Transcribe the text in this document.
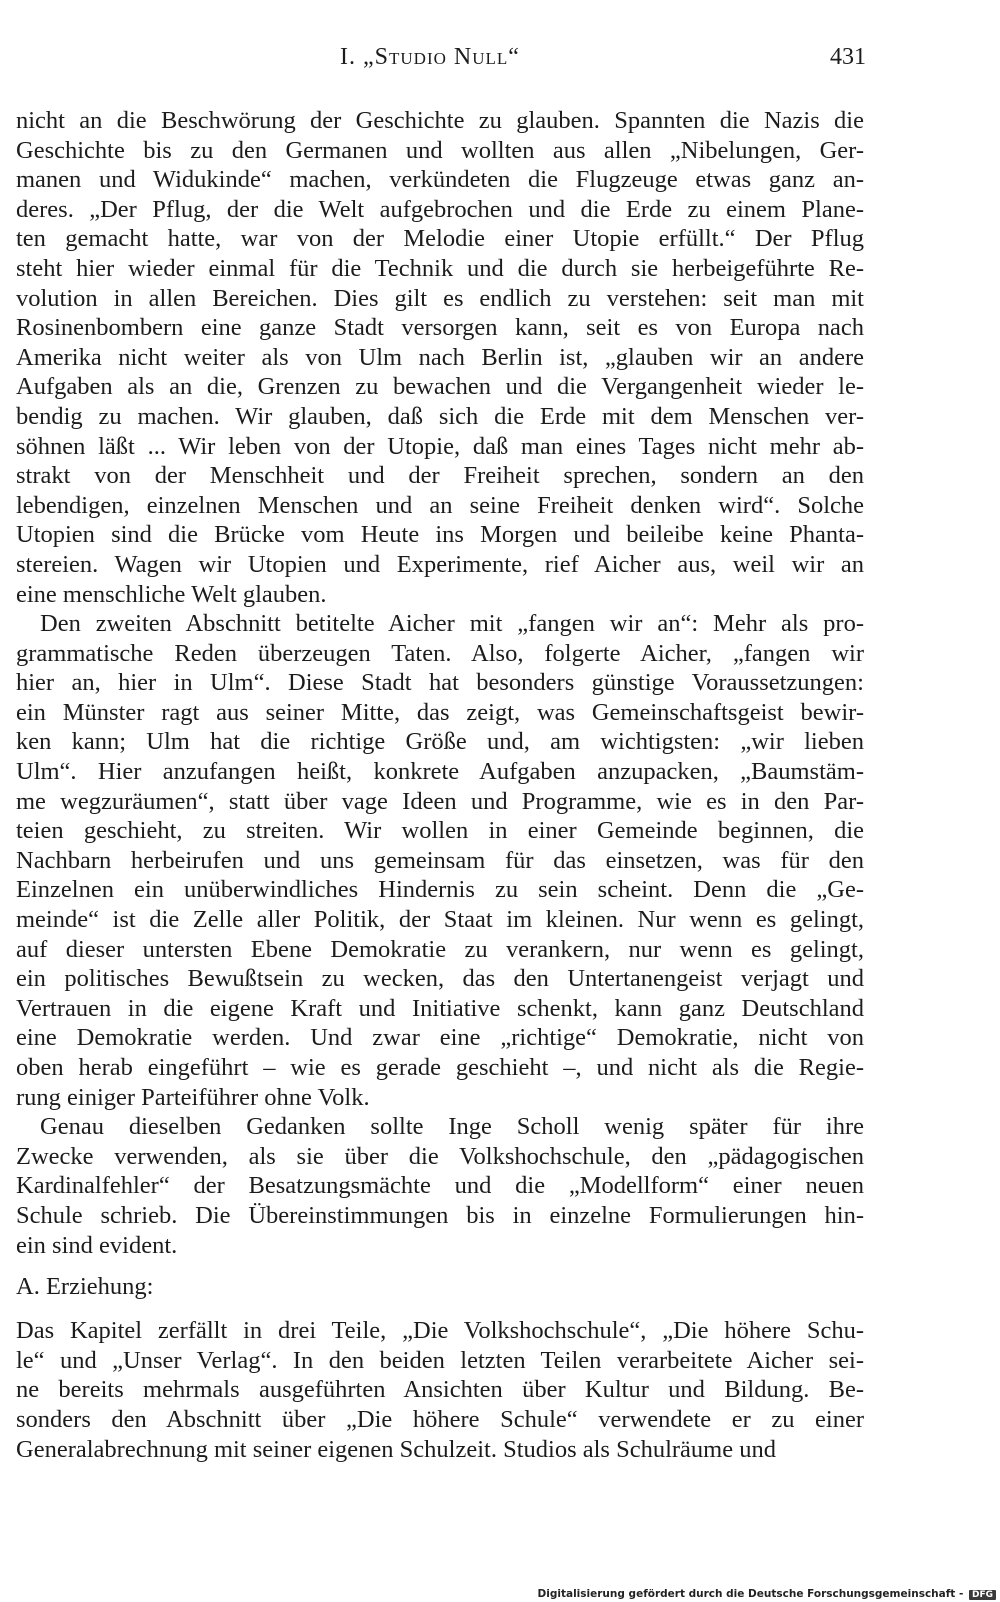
I. „Studio Null“	431
nicht an die Beschwörung der Geschichte zu glauben. Spannten die Nazis die
Geschichte bis zu den Germanen und wollten aus allen „Nibelungen, Ger-
manen und Widukinde“ machen, verkündeten die Flugzeuge etwas ganz an-
deres. „Der Pflug, der die Welt aufgebrochen und die Erde zu einem Plane-
ten gemacht hatte, war von der Melodie einer Utopie erfüllt.“ Der Pflug
steht hier wieder einmal für die Technik und die durch sie herbeigeführte Re-
volution in allen Bereichen. Dies gilt es endlich zu verstehen: seit man mit
Rosinenbombern eine ganze Stadt versorgen kann, seit es von Europa nach
Amerika nicht weiter als von Ulm nach Berlin ist, „glauben wir an andere
Aufgaben als an die, Grenzen zu bewachen und die Vergangenheit wieder le-
bendig zu machen. Wir glauben, daß sich die Erde mit dem Menschen ver-
söhnen läßt ... Wir leben von der Utopie, daß man eines Tages nicht mehr ab-
strakt von der Menschheit und der Freiheit sprechen, sondern an den
lebendigen, einzelnen Menschen und an seine Freiheit denken wird“. Solche
Utopien sind die Brücke vom Heute ins Morgen und beileibe keine Phanta-
stereien. Wagen wir Utopien und Experimente, rief Aicher aus, weil wir an
eine menschliche Welt glauben.
Den zweiten Abschnitt betitelte Aicher mit „fangen wir an“: Mehr als pro-
grammatische Reden überzeugen Taten. Also, folgerte Aicher, „fangen wir
hier an, hier in Ulm“. Diese Stadt hat besonders günstige Voraussetzungen:
ein Münster ragt aus seiner Mitte, das zeigt, was Gemeinschaftsgeist bewir-
ken kann; Ulm hat die richtige Größe und, am wichtigsten: „wir lieben
Ulm“. Hier anzufangen heißt, konkrete Aufgaben anzupacken, „Baumstäm-
me wegzuräumen“, statt über vage Ideen und Programme, wie es in den Par-
teien geschieht, zu streiten. Wir wollen in einer Gemeinde beginnen, die
Nachbarn herbeirufen und uns gemeinsam für das einsetzen, was für den
Einzelnen ein unüberwindliches Hindernis zu sein scheint. Denn die „Ge-
meinde“ ist die Zelle aller Politik, der Staat im kleinen. Nur wenn es gelingt,
auf dieser untersten Ebene Demokratie zu verankern, nur wenn es gelingt,
ein politisches Bewußtsein zu wecken, das den Untertanengeist verjagt und
Vertrauen in die eigene Kraft und Initiative schenkt, kann ganz Deutschland
eine Demokratie werden. Und zwar eine „richtige“ Demokratie, nicht von
oben herab eingeführt – wie es gerade geschieht –, und nicht als die Regie-
rung einiger Parteiführer ohne Volk.
Genau dieselben Gedanken sollte Inge Scholl wenig später für ihre
Zwecke verwenden, als sie über die Volkshochschule, den „pädagogischen
Kardinalfehler“ der Besatzungsmächte und die „Modellform“ einer neuen
Schule schrieb. Die Übereinstimmungen bis in einzelne Formulierungen hin-
ein sind evident.
A. Erziehung:
Das Kapitel zerfällt in drei Teile, „Die Volkshochschule“, „Die höhere Schu-
le“ und „Unser Verlag“. In den beiden letzten Teilen verarbeitete Aicher sei-
ne bereits mehrmals ausgeführten Ansichten über Kultur und Bildung. Be-
sonders den Abschnitt über „Die höhere Schule“ verwendete er zu einer
Generalabrechnung mit seiner eigenen Schulzeit. Studios als Schulräume und
Digitalisierung gefördert durch die Deutsche Forschungsgemeinschaft - DFG
